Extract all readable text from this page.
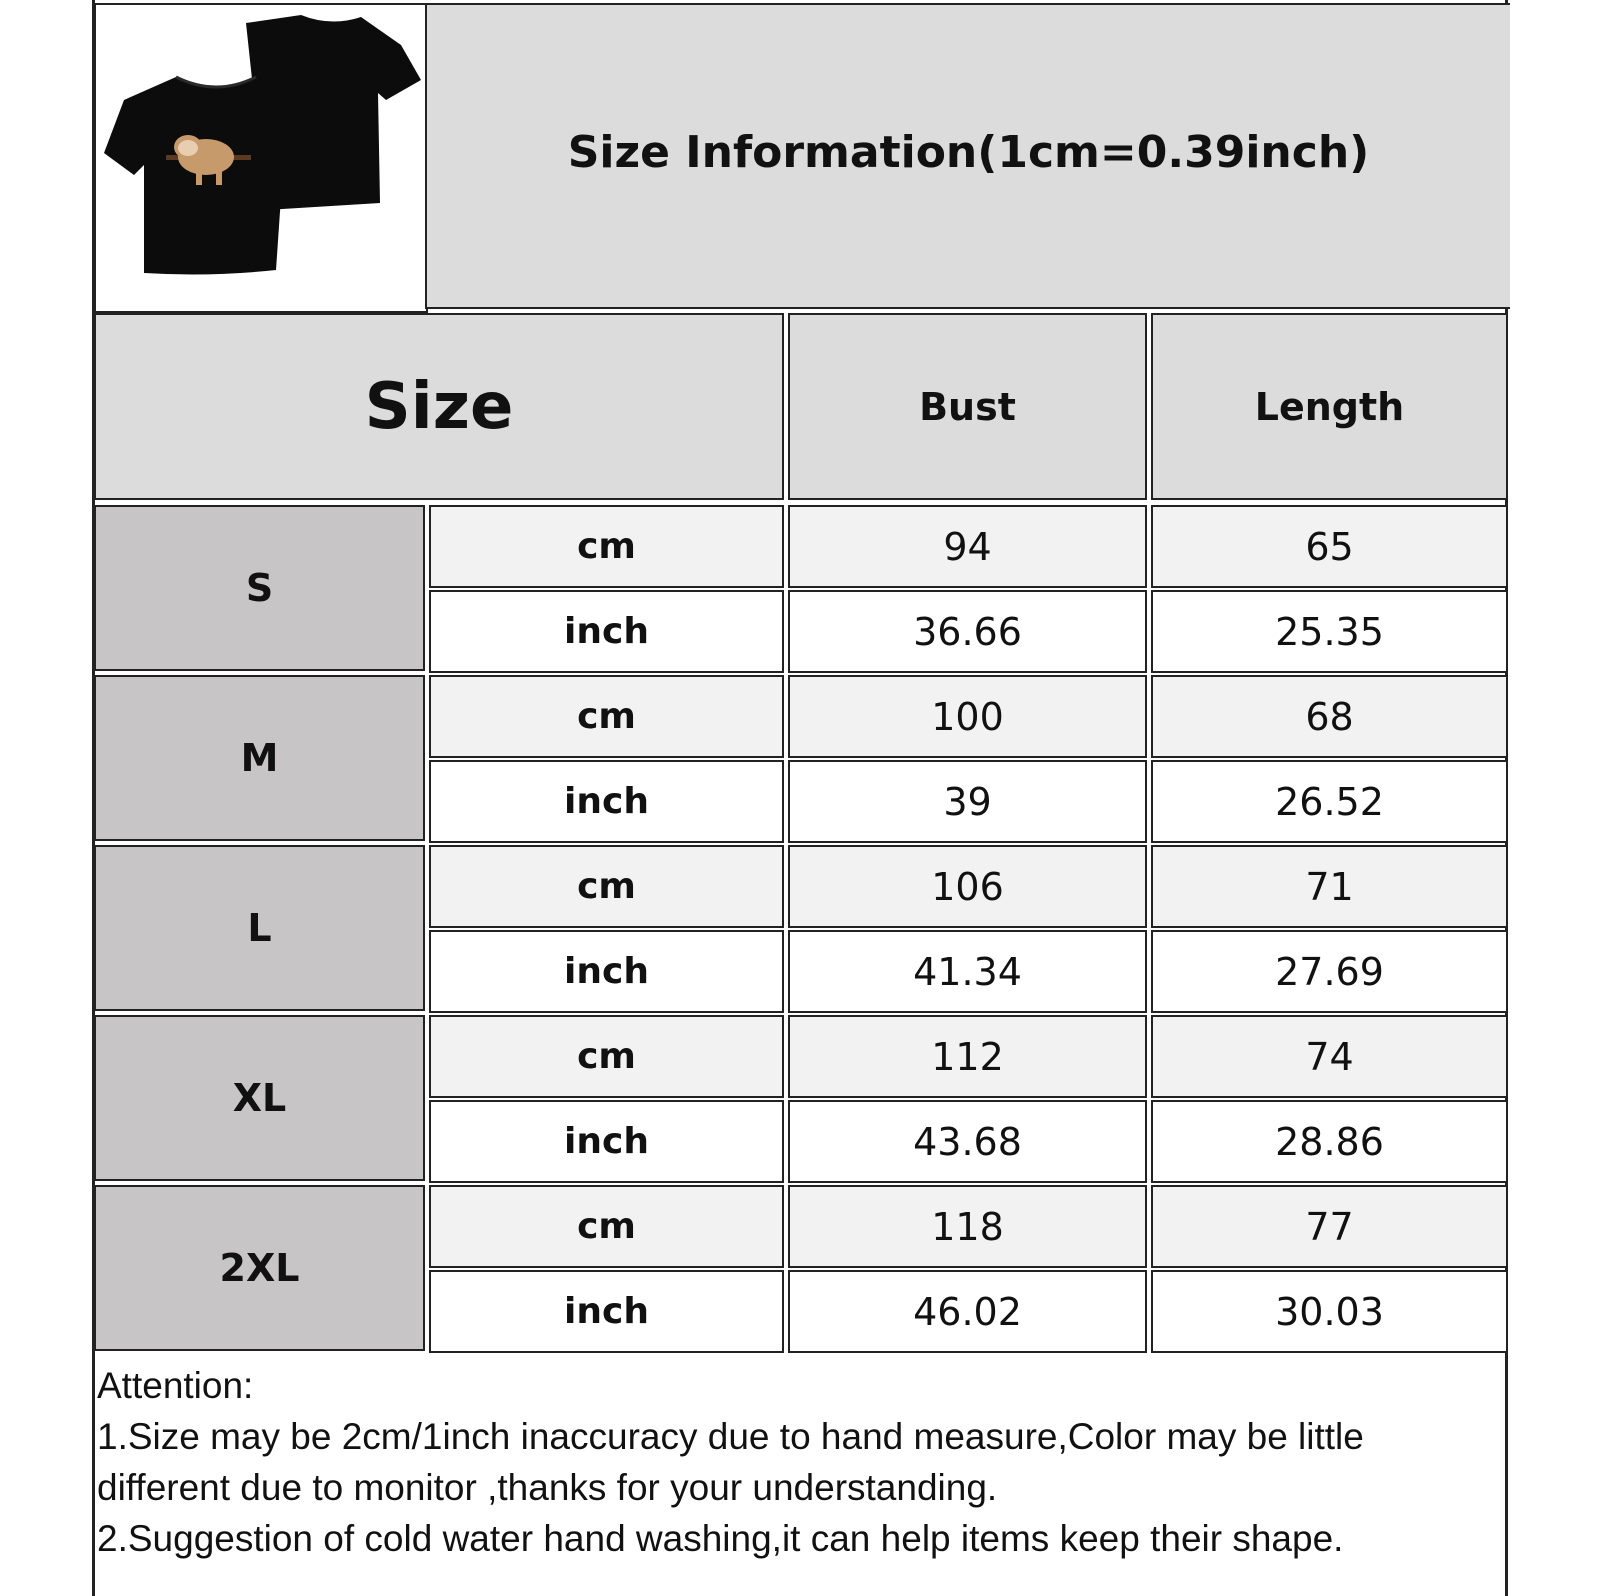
Size Information(1cm=0.39inch)
Size	Bust	Length
S
cm	94	65
inch	36.66	25.35
M
cm	100	68
inch	39	26.52
L
cm	106	71
inch	41.34	27.69
XL
cm	112	74
inch	43.68	28.86
2XL
cm	118	77
inch	46.02	30.03
Attention:
1.Size may be 2cm/1inch inaccuracy due to hand measure,Color may be little
different due to monitor ,thanks for your understanding.
2.Suggestion of cold water hand washing,it can help items keep their shape.
